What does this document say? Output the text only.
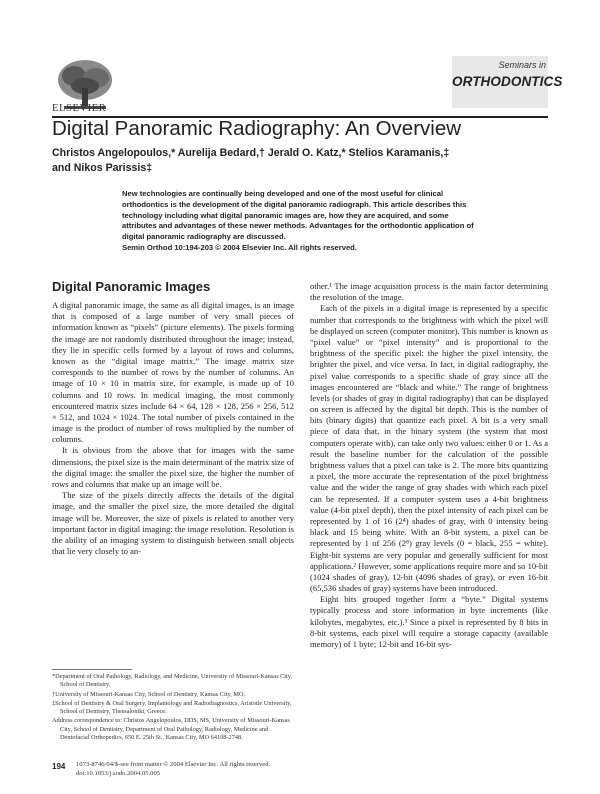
ELSEVIER
Seminars in
ORTHODONTICS
Digital Panoramic Radiography: An Overview
Christos Angelopoulos,* Aurelija Bedard,† Jerald O. Katz,* Stelios Karamanis,‡ and Nikos Parissis‡
New technologies are continually being developed and one of the most useful for clinical orthodontics is the development of the digital panoramic radiograph. This article describes this technology including what digital panoramic images are, how they are acquired, and some attributes and advantages of these newer methods. Advantages for the orthodontic application of digital panoramic radiography are discussed.
Semin Orthod 10:194-203 © 2004 Elsevier Inc. All rights reserved.
Digital Panoramic Images

A digital panoramic image, the same as all digital images, is an image that is composed of a large number of very small pieces of information known as “pixels” (picture elements). The pixels forming the image are not randomly distributed throughout the image; instead, they lie in specific cells formed by a layout of rows and columns, known as the “digital image matrix.” The image matrix size corresponds to the number of rows by the number of columns. An image of 10 × 10 in matrix size, for example, is made up of 10 columns and 10 rows. In medical imaging, the most commonly encountered matrix sizes include 64 × 64, 128 × 128, 256 × 256, 512 × 512, and 1024 × 1024. The total number of pixels contained in the image is the product of number of rows multiplied by the number of columns.

It is obvious from the above that for images with the same dimensions, the pixel size is the main determinant of the matrix size of the digital image: the smaller the pixel size, the higher the number of rows and columns that make up an image will be.

The size of the pixels directly affects the details of the digital image, and the smaller the pixel size, the more detailed the digital image will be. Moreover, the size of pixels is related to another very important factor in digital imaging: the image resolution. Resolution is the ability of an imaging system to distinguish between small objects that lie very closely to an-

other.¹ The image acquisition process is the main factor determining the resolution of the image.

Each of the pixels in a digital image is represented by a specific number that corresponds to the brightness with which the pixel will be displayed on screen (computer monitor). This number is known as “pixel value” or “pixel intensity” and is proportional to the brightness of the specific pixel: the higher the pixel intensity, the brighter the pixel, and vice versa. In fact, in digital radiography, the pixel value corresponds to a specific shade of gray since all the images encountered are “black and white.” The range of brightness levels (or shades of gray in digital radiography) that can be displayed on screen is affected by the digital bit depth. This is the number of bits (binary digits) that quantize each pixel. A bit is a very small piece of data that, in the binary system (the system that most computers operate with), can take only two values: either 0 or 1. As a result the baseline number for the calculation of the possible brightness values that a pixel can take is 2. The more bits quantizing a pixel, the more accurate the representation of the pixel brightness value and the wider the range of gray shades with which each pixel can be represented. If a computer system uses a 4-bit brightness value (4-bit pixel depth), then the pixel intensity of each pixel can be represented by 1 of 16 (2⁴) shades of gray, with 0 intensity being black and 15 being white. With an 8-bit system, a pixel can be represented by 1 of 256 (2⁸) gray levels (0 = black, 255 = white). Eight-bit systems are very popular and generally sufficient for most applications.² However, some applications require more and so 10-bit (1024 shades of gray), 12-bit (4096 shades of gray), or even 16-bit (65,536 shades of gray) systems have been introduced.

Eight bits grouped together form a “byte.” Digital systems typically process and store information in byte increments (like kilobytes, megabytes, etc.).³ Since a pixel is represented by 8 bits in 8-bit systems, each pixel will require a storage capacity (available memory) of 1 byte; 12-bit and 16-bit sys-

*Department of Oral Pathology, Radiology, and Medicine, University of Missouri-Kansas City, School of Dentistry.

†University of Missouri-Kansas City, School of Dentistry, Kansas City, MO.

‡School of Dentistry & Oral Surgery, Implantology and Radiodiagnostics, Aristotle University, School of Dentistry, Thessaloniki, Greece.

Address correspondence to: Christos Angelopoulos, DDS, MS, University of Missouri-Kansas City, School of Dentistry, Department of Oral Pathology, Radiology, Medicine and Dentofacial Orthopedics, 650 E. 25th St., Kansas City, MO 64108-2748.

194	1073-8746/04/$-see front matter © 2004 Elsevier Inc. All rights reserved.
doi:10.1053/j.sodo.2004.05.005
